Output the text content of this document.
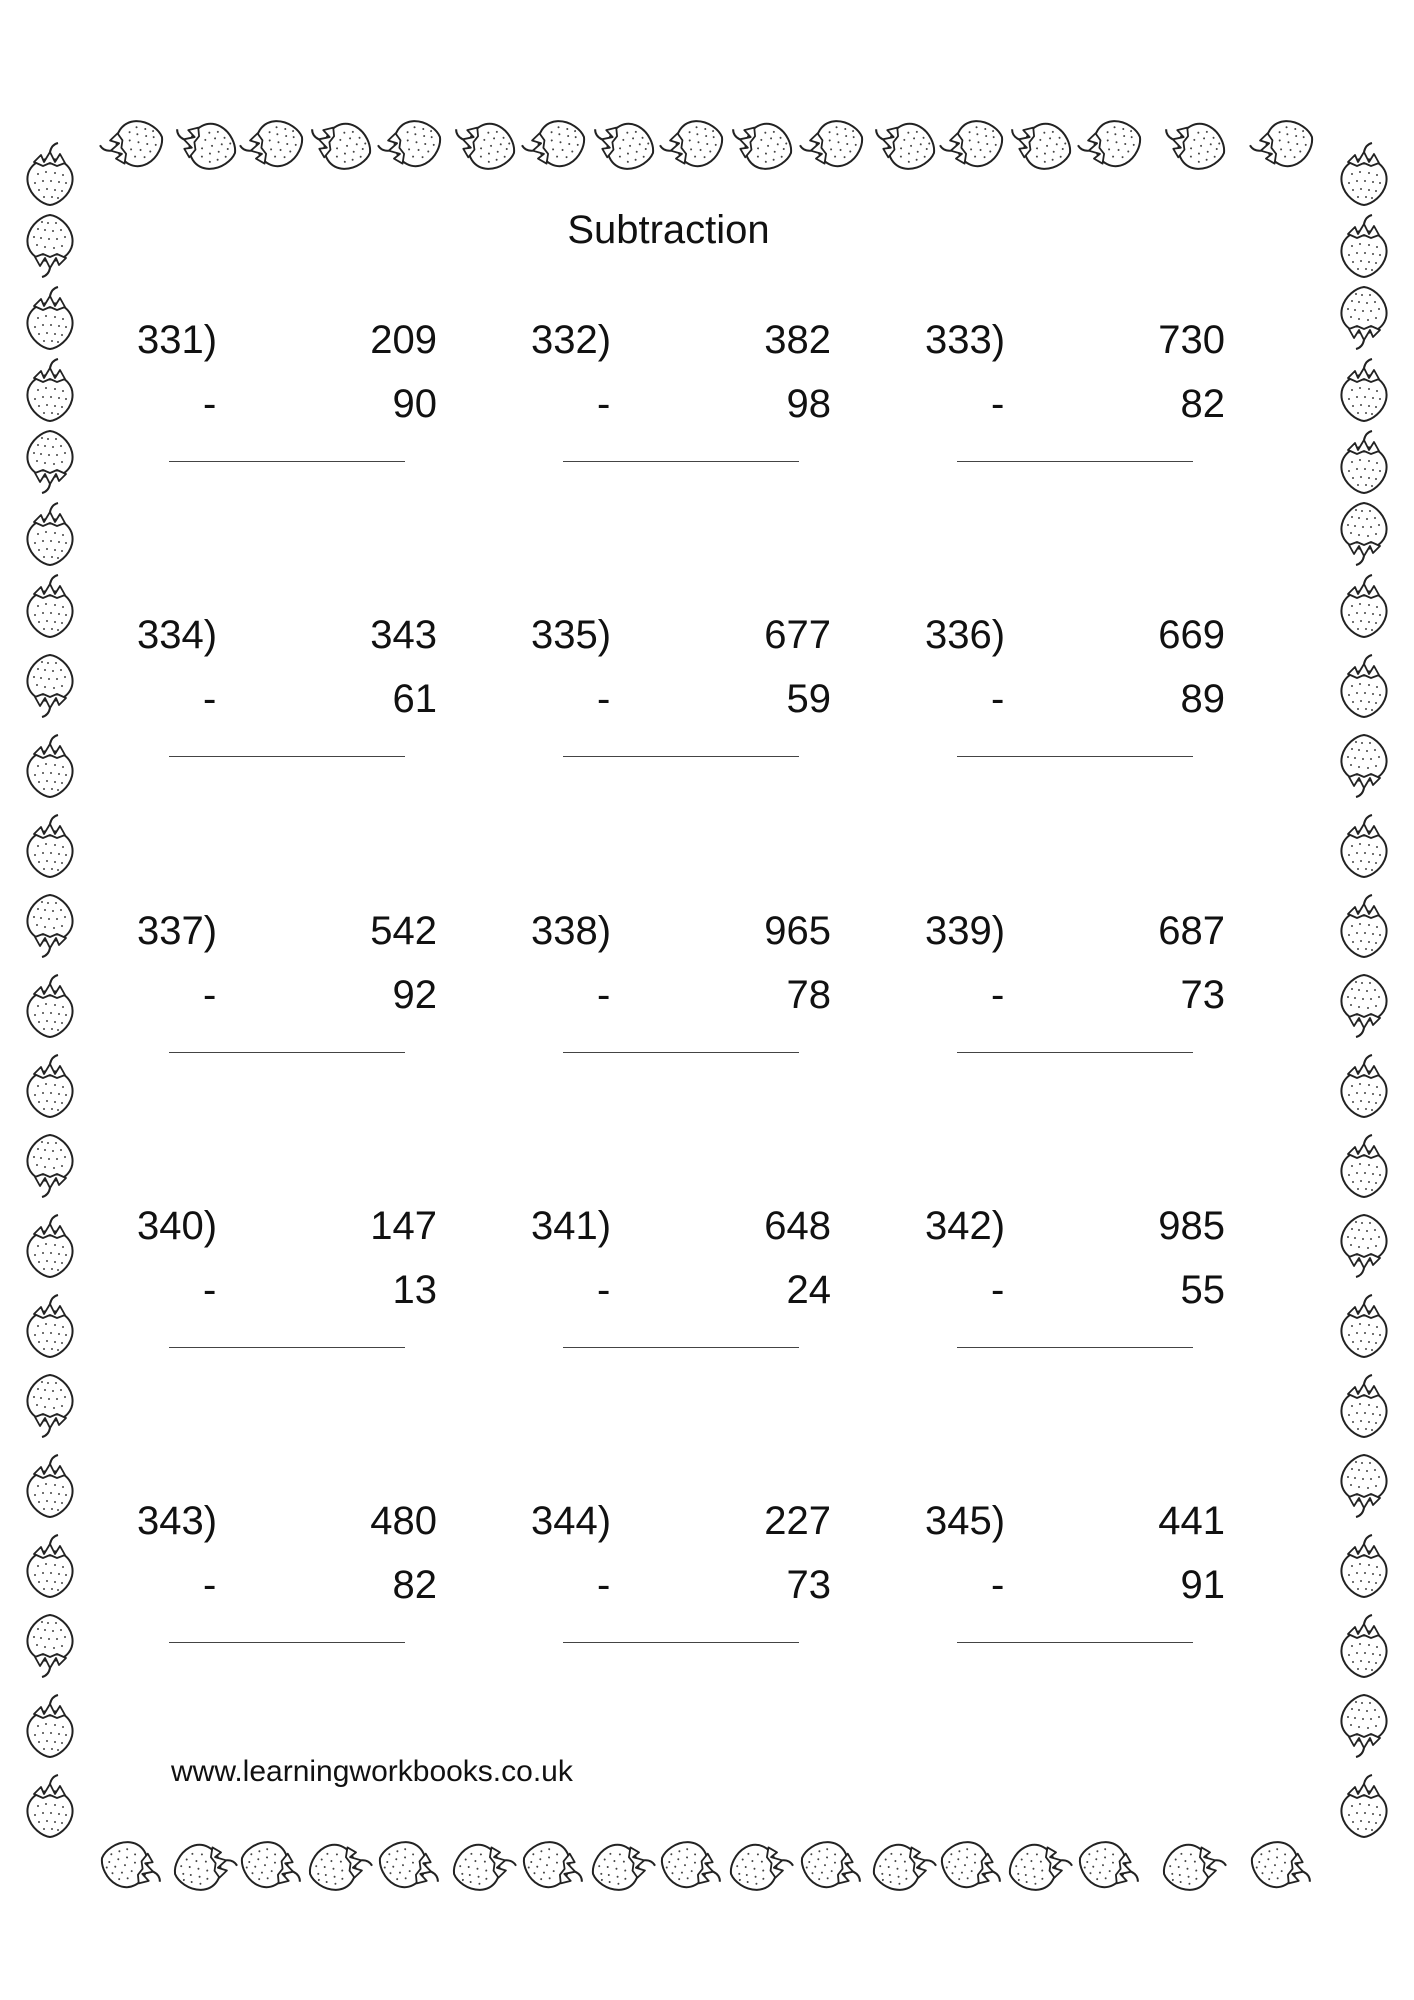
Subtraction
331)	209
-	90
332)	382
-	98
333)	730
-	82
334)	343
-	61
335)	677
-	59
336)	669
-	89
337)	542
-	92
338)	965
-	78
339)	687
-	73
340)	147
-	13
341)	648
-	24
342)	985
-	55
343)	480
-	82
344)	227
-	73
345)	441
-	91
www.learningworkbooks.co.uk
